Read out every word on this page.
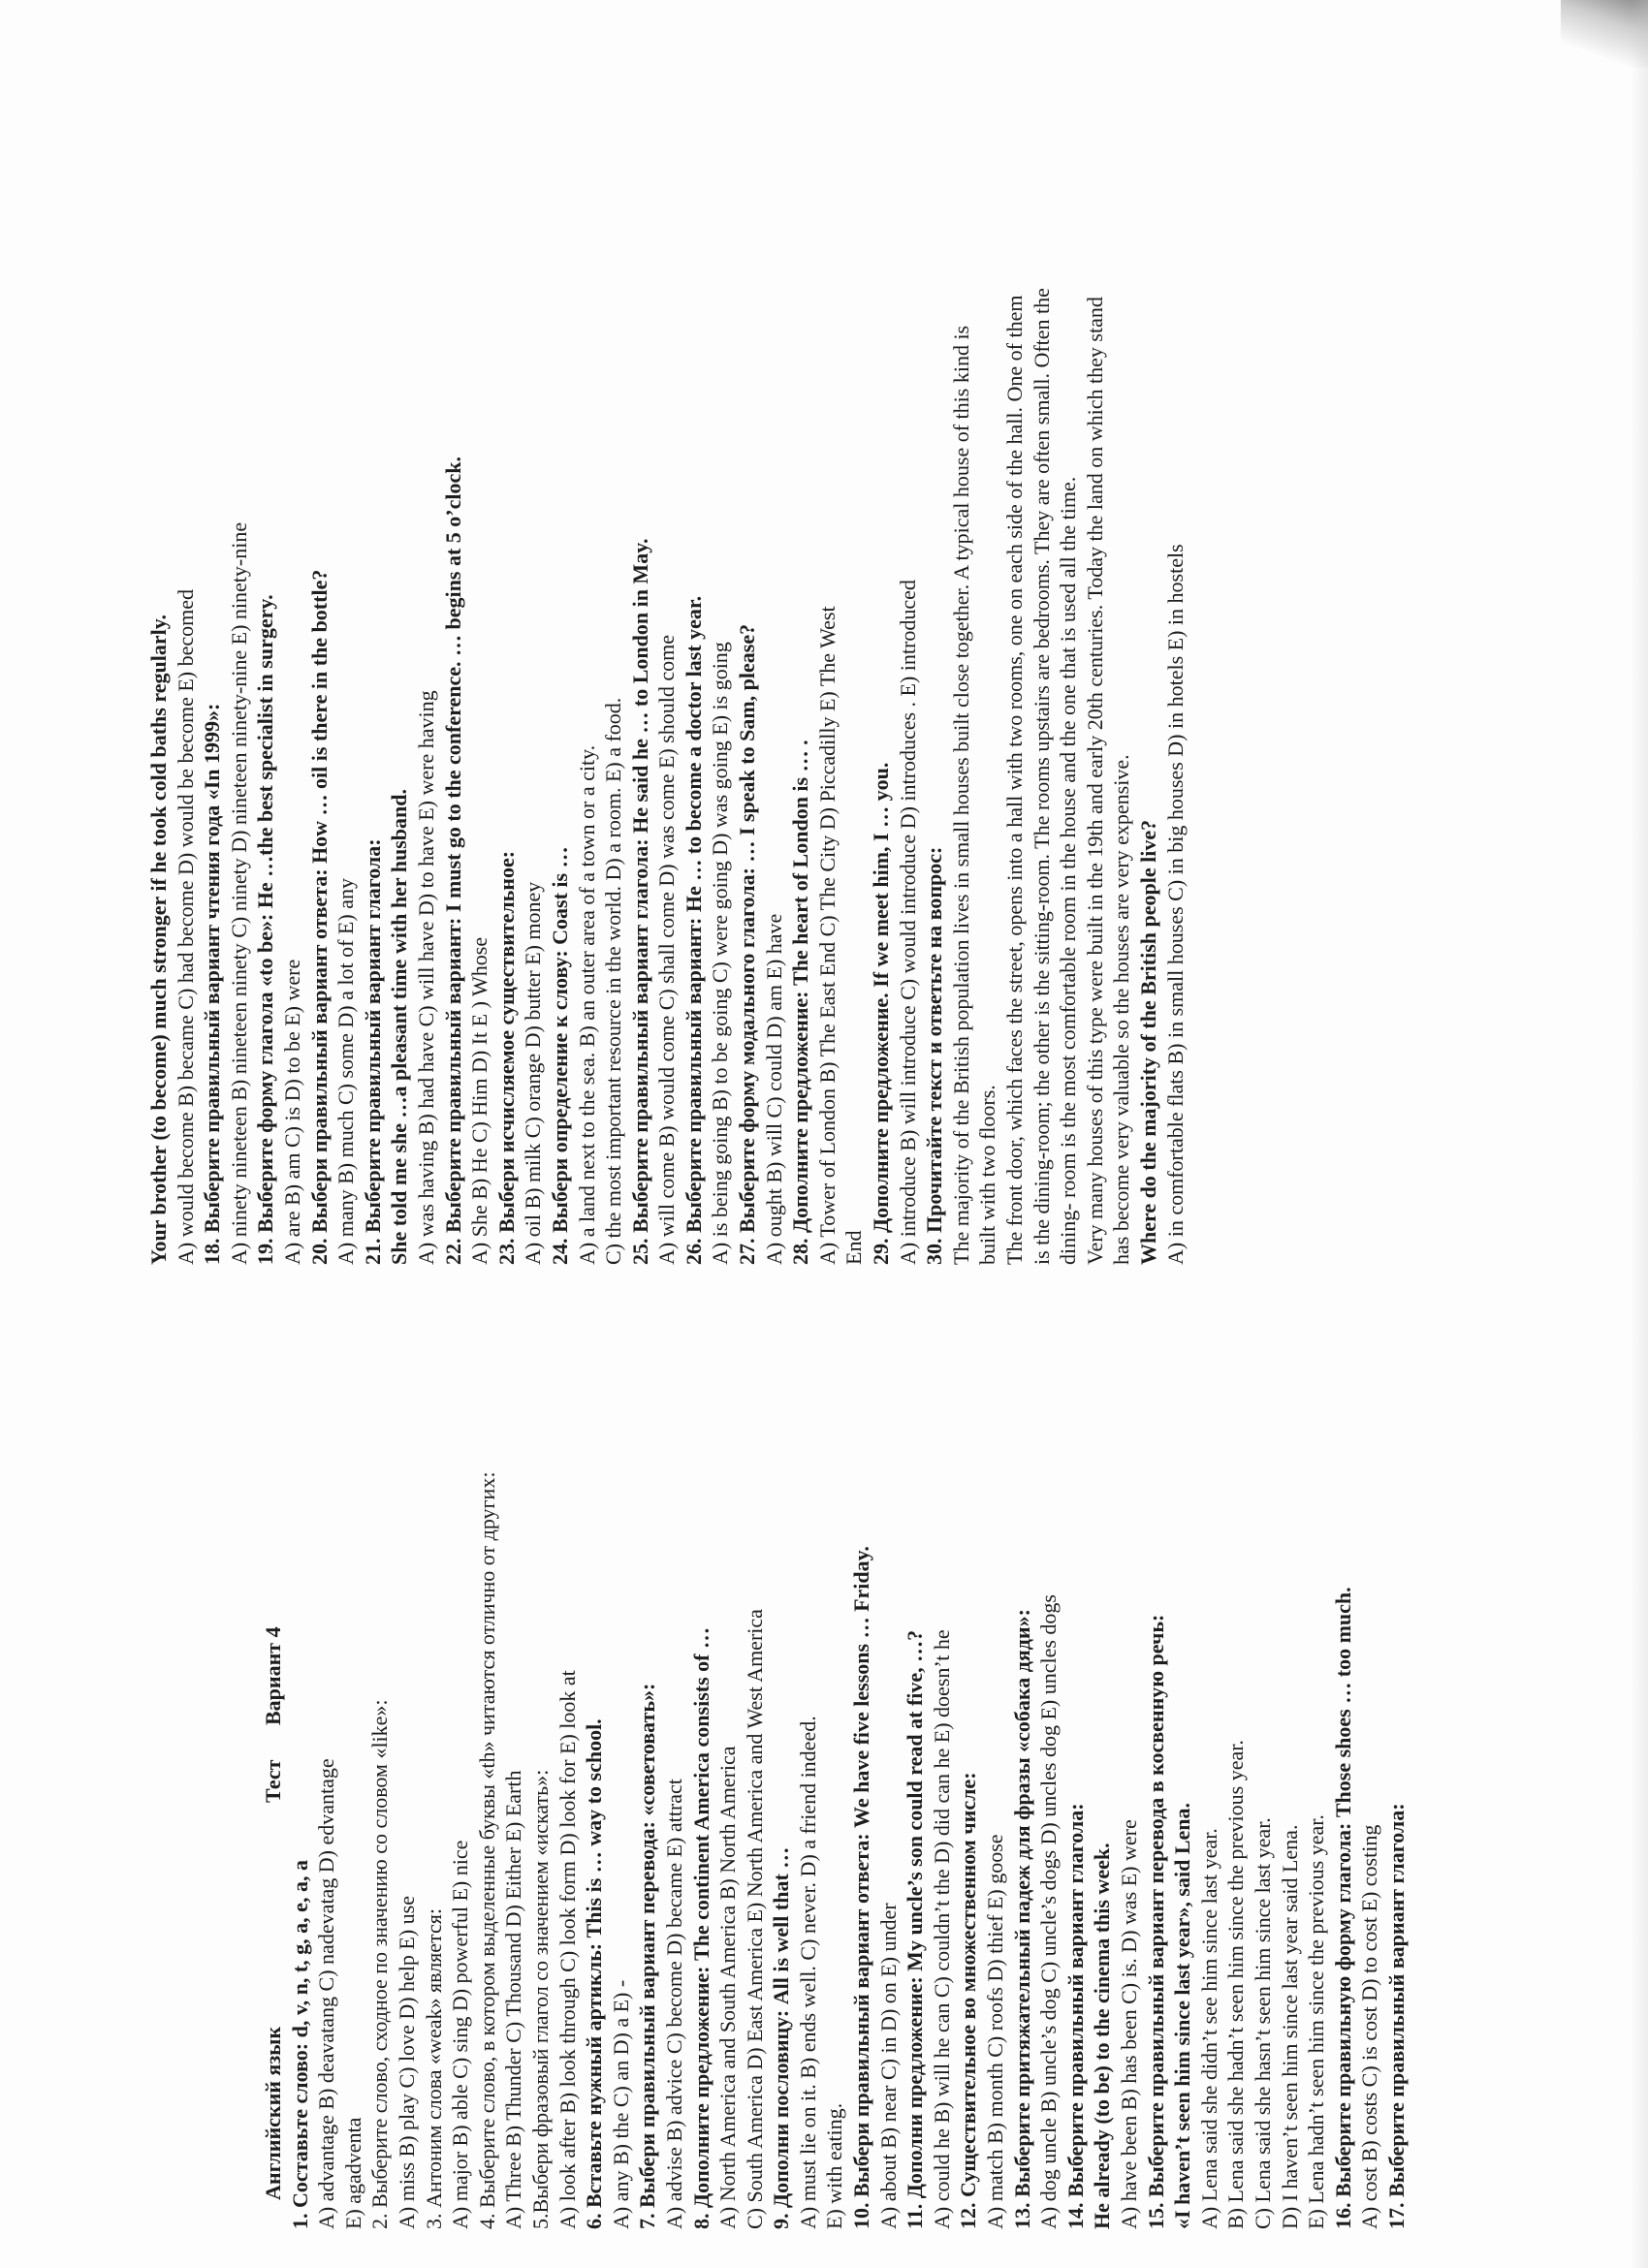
Английский языкТестВариант 4

1. Составьте слово: d, v, n, t, g, a, e, a, a A) advantage B) deavatang C) nadevatag D) edvantage E) agadventa 2. Выберите слово, сходное по значению со словом «like»: A) miss B) play C) love D) help E) use 3. Антоним слова «weak» является: A) major B) able C) sing D) powerful E) nice 4. Выберите слово, в котором выделенные буквы «th» читаются отлично от других: A) Three B) Thunder C) Thousand D) Either E) Earth 5.Выбери фразовый глагол со значением «искать»: A) look after B) look through C) look form D) look for E) look at 6. Вставьте нужный артикль: This is … way to school. A) any B) the C) an D) a E) - 7. Выбери правильный вариант перевода: «советовать»: A) advise B) advice C) become D) became E) attract 8. Дополните предложение: The continent America consists of … A) North America and South America B) North America C) South America D) East America E) North America and West America 9. Дополни пословицу: All is well that … A) must lie on it. B) ends well. C) never. D) a friend indeed. E) with eating. 10. Выбери правильный вариант ответа: We have five lessons … Friday. A) about B) near C) in D) on E) under 11. Дополни предложение: My uncle’s son could read at five, …? A) could he B) will he can C) couldn’t the D) did can he E) doesn’t he 12. Существительное во множественном числе: A) match B) month C) roofs D) thief E) goose 13. Выберите притяжательный падеж для фразы «собака дяди»: A) dog uncle B) uncle’s dog C) uncle’s dogs D) uncles dog E) uncles dogs 14. Выберите правильный вариант глагола: He already (to be) to the cinema this week. A) have been B) has been C) is. D) was E) were 15. Выберите правильный вариант перевода в косвенную речь: «I haven’t seen him since last year», said Lena. A) Lena said she didn’t see him since last year. B) Lena said she hadn’t seen him since the previous year. C) Lena said she hasn’t seen him since last year. D) I haven’t seen him since last year said Lena. E) Lena hadn’t seen him since the previous year. 16. Выберите правильную форму глагола: Those shoes … too much. A) cost B) costs C) is cost D) to cost E) costing 17. Выберите правильный вариант глагола:

Your brother (to become) much stronger if he took cold baths regularly. A) would become B) became C) had become D) would be become E) becomed 18. Выберите правильный вариант чтения года «In 1999»: A) ninety nineteen B) nineteen ninety C) ninety D) nineteen ninety-nine E) ninety-nine 19. Выберите форму глагола «to be»: He …the best specialist in surgery. A) are B) am C) is D) to be E) were 20. Выбери правильный вариант ответа: How … oil is there in the bottle? A) many B) much C) some D) a lot of E) any 21. Выберите правильный вариант глагола: She told me she …a pleasant time with her husband. A) was having B) had have C) will have D) to have E) were having 22. Выберите правильный вариант: I must go to the conference. … begins at 5 o’clock. A) She B) He C) Him D) It E ) Whose 23. Выбери исчисляемое существительное: A) oil B) milk C) orange D) butter E) money 24. Выбери определение к слову: Coast is … A) a land next to the sea. B) an outer area of a town or a city. C) the most important resource in the world. D) a room. E) a food. 25. Выберите правильный вариант глагола: He said he … to London in May. A) will come B) would come C) shall come D) was come E) should come 26. Выберите правильный вариант: He … to become a doctor last year. A) is being going B) to be going C) were going D) was going E) is going 27. Выберите форму модального глагола: … I speak to Sam, please? A) ought B) will C) could D) am E) have 28. Дополните предложение: The heart of London is … . A) Tower of London B) The East End C) The City D) Piccadilly E) The West End 29. Дополните предложение. If we meet him, I … you. A) introduce B) will introduce C) would introduce D) introduces . E) introduced 30. Прочитайте текст и ответьте на вопрос: The majority of the British population lives in small houses built close together. A typical house of this kind is built with two floors. The front door, which faces the street, opens into a hall with two rooms, one on each side of the hall. One of them is the dining-room; the other is the sitting-room. The rooms upstairs are bedrooms. They are often small. Often the dining- room is the most comfortable room in the house and the one that is used all the time. Very many houses of this type were built in the 19th and early 20th centuries. Today the land on which they stand has become very valuable so the houses are very expensive. Where do the majority of the British people live? A) in comfortable flats B) in small houses C) in big houses D) in hotels E) in hostels
